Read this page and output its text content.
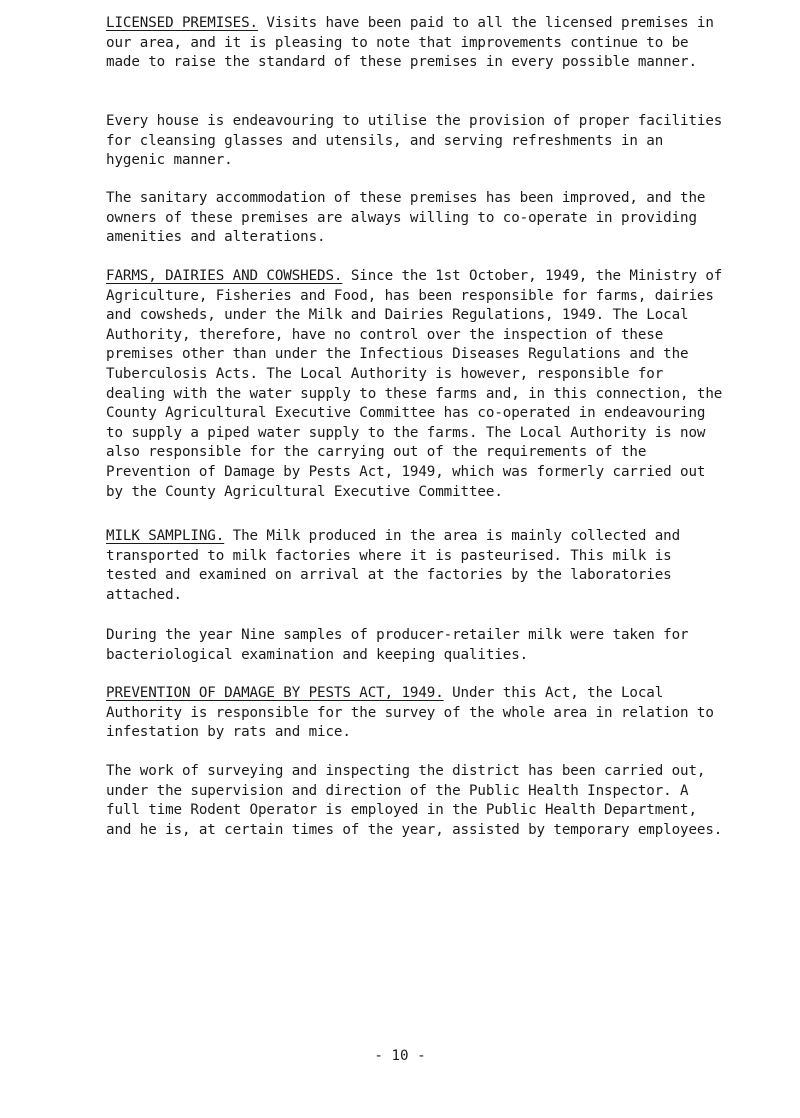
LICENSED PREMISES. Visits have been paid to all the licensed premises in our area, and it is pleasing to note that improvements continue to be made to raise the standard of these premises in every possible manner.

Every house is endeavouring to utilise the provision of proper facilities for cleansing glasses and utensils, and serving refreshments in an hygenic manner.

The sanitary accommodation of these premises has been improved, and the owners of these premises are always willing to co-operate in providing amenities and alterations.

FARMS, DAIRIES AND COWSHEDS. Since the 1st October, 1949, the Ministry of Agriculture, Fisheries and Food, has been responsible for farms, dairies and cowsheds, under the Milk and Dairies Regulations, 1949. The Local Authority, therefore, have no control over the inspection of these premises other than under the Infectious Diseases Regulations and the Tuberculosis Acts. The Local Authority is however, responsible for dealing with the water supply to these farms and, in this connection, the County Agricultural Executive Committee has co-operated in endeavouring to supply a piped water supply to the farms. The Local Authority is now also responsible for the carrying out of the requirements of the Prevention of Damage by Pests Act, 1949, which was formerly carried out by the County Agricultural Executive Committee.

MILK SAMPLING. The Milk produced in the area is mainly collected and transported to milk factories where it is pasteurised. This milk is tested and examined on arrival at the factories by the laboratories attached.

During the year Nine samples of producer-retailer milk were taken for bacteriological examination and keeping qualities.

PREVENTION OF DAMAGE BY PESTS ACT, 1949. Under this Act, the Local Authority is responsible for the survey of the whole area in relation to infestation by rats and mice.

The work of surveying and inspecting the district has been carried out, under the supervision and direction of the Public Health Inspector. A full time Rodent Operator is employed in the Public Health Department, and he is, at certain times of the year, assisted by temporary employees.

- 10 -
